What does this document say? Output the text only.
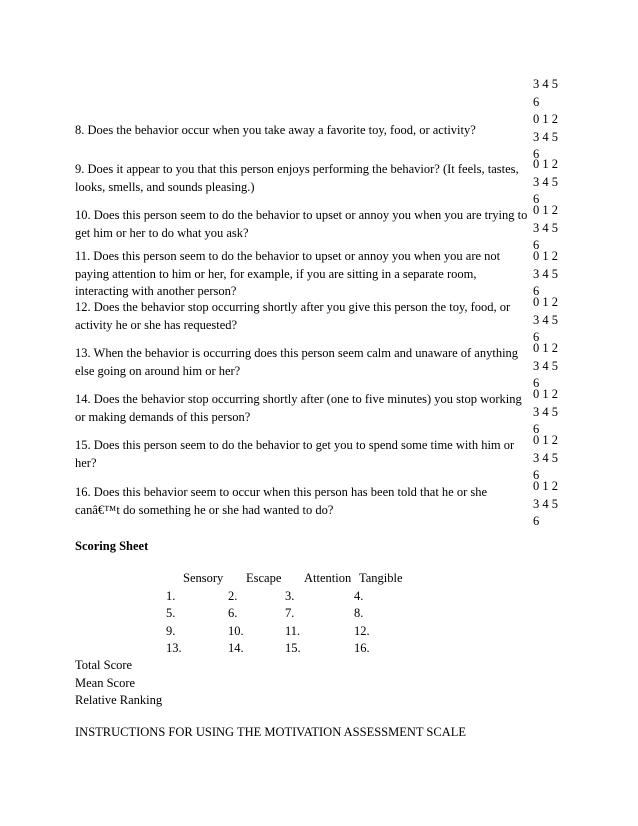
3 4 5
6
8. Does the behavior occur when you take away a favorite toy, food, or activity?
0 1 2
3 4 5
6
9. Does it appear to you that this person enjoys performing the behavior? (It feels, tastes, looks, smells, and sounds pleasing.)
0 1 2
3 4 5
6
10. Does this person seem to do the behavior to upset or annoy you when you are trying to get him or her to do what you ask?
0 1 2
3 4 5
6
11. Does this person seem to do the behavior to upset or annoy you when you are not paying attention to him or her, for example, if you are sitting in a separate room, interacting with another person?
0 1 2
3 4 5
6
12. Does the behavior stop occurring shortly after you give this person the toy, food, or activity he or she has requested?
0 1 2
3 4 5
6
13. When the behavior is occurring does this person seem calm and unaware of anything else going on around him or her?
0 1 2
3 4 5
6
14. Does the behavior stop occurring shortly after (one to five minutes) you stop working or making demands of this person?
0 1 2
3 4 5
6
15. Does this person seem to do the behavior to get you to spend some time with him or her?
0 1 2
3 4 5
6
16. Does this behavior seem to occur when this person has been told that he or she canâ€™t do something he or she had wanted to do?
0 1 2
3 4 5
6
Scoring Sheet
Sensory Escape Attention Tangible
1.	2.	3.	4.
5.	6.	7.	8.
9.	10.	11.	12.
13.	14.	15.	16.
Total Score
Mean Score
Relative Ranking
INSTRUCTIONS FOR USING THE MOTIVATION ASSESSMENT SCALE
